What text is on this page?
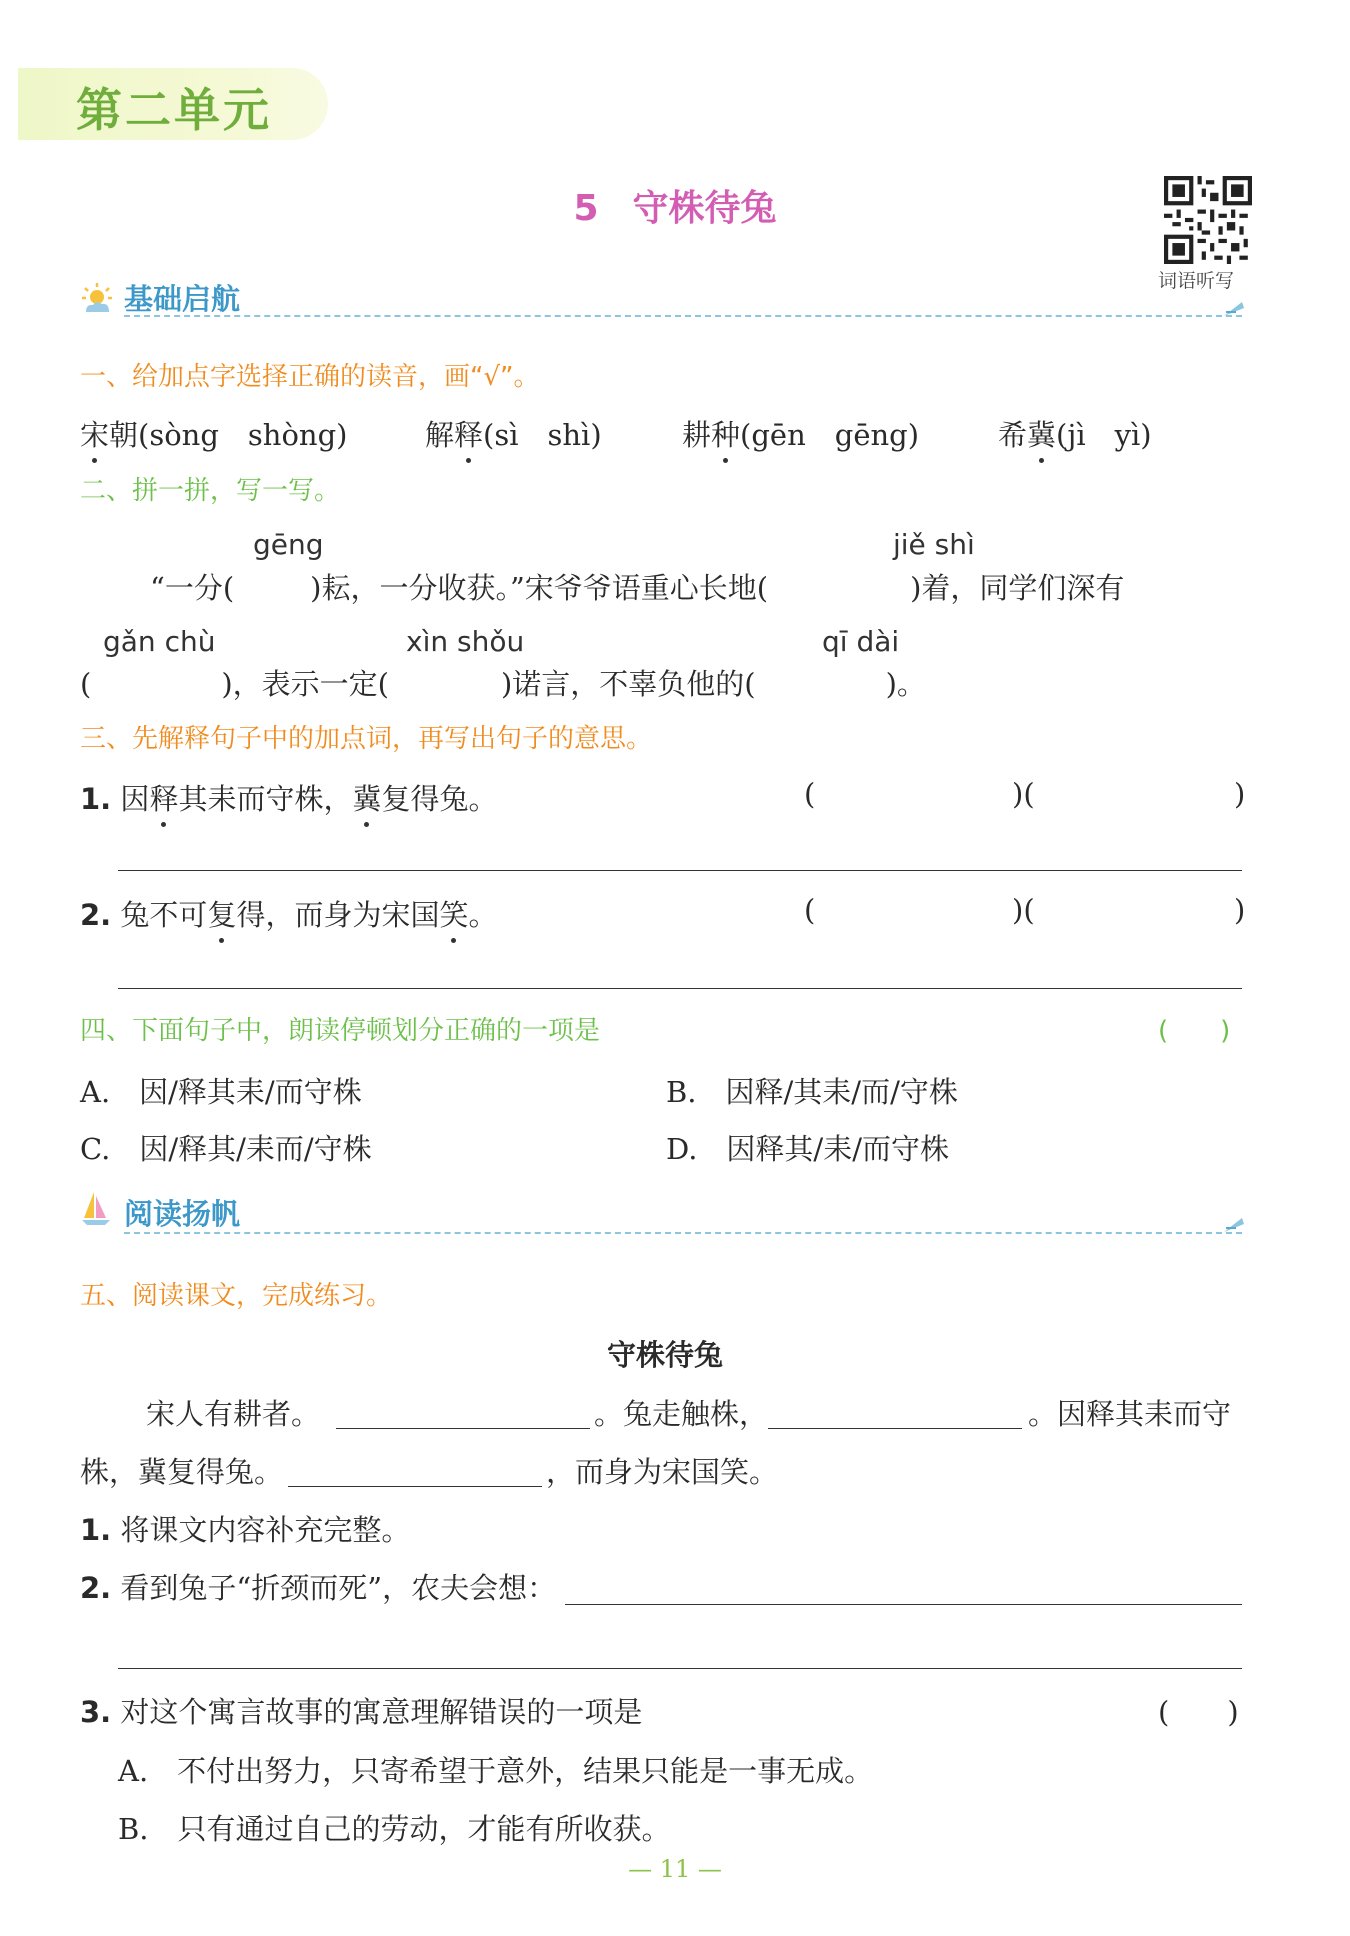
第二单元
5 守株待兔
词语听写
基础启航
一、给加点字选择正确的读音，画“√”。
宋朝(sòng　shòng)	解释(sì　shì)	耕种(gēn　gēng)	希冀(jì　yì)
二、拼一拼，写一写。
gēng	jiě shì
“一分(	)耘，一分收获。”宋爷爷语重心长地(	)着，同学们深有
gǎn chù	xìn shǒu	qī dài
(	)，表示一定(	)诺言，不辜负他的(	)。
三、先解释句子中的加点词，再写出句子的意思。
1. 因释其耒而守株，冀复得兔。	(	)(	)
2. 兔不可复得，而身为宋国笑。	(	)(	)
四、下面句子中，朗读停顿划分正确的一项是	(　　)
A.　因/释其耒/而守株	B.　因释/其耒/而/守株
C.　因/释其/耒而/守株	D.　因释其/耒/而守株
阅读扬帆
五、阅读课文，完成练习。
守株待兔
宋人有耕者。	。兔走触株，	。因释其耒而守
株，冀复得兔。	，而身为宋国笑。
1. 将课文内容补充完整。
2. 看到兔子“折颈而死”，农夫会想：
3. 对这个寓言故事的寓意理解错误的一项是	(　　)
A.　不付出努力，只寄希望于意外，结果只能是一事无成。
B.　只有通过自己的劳动，才能有所收获。
— 11 —
